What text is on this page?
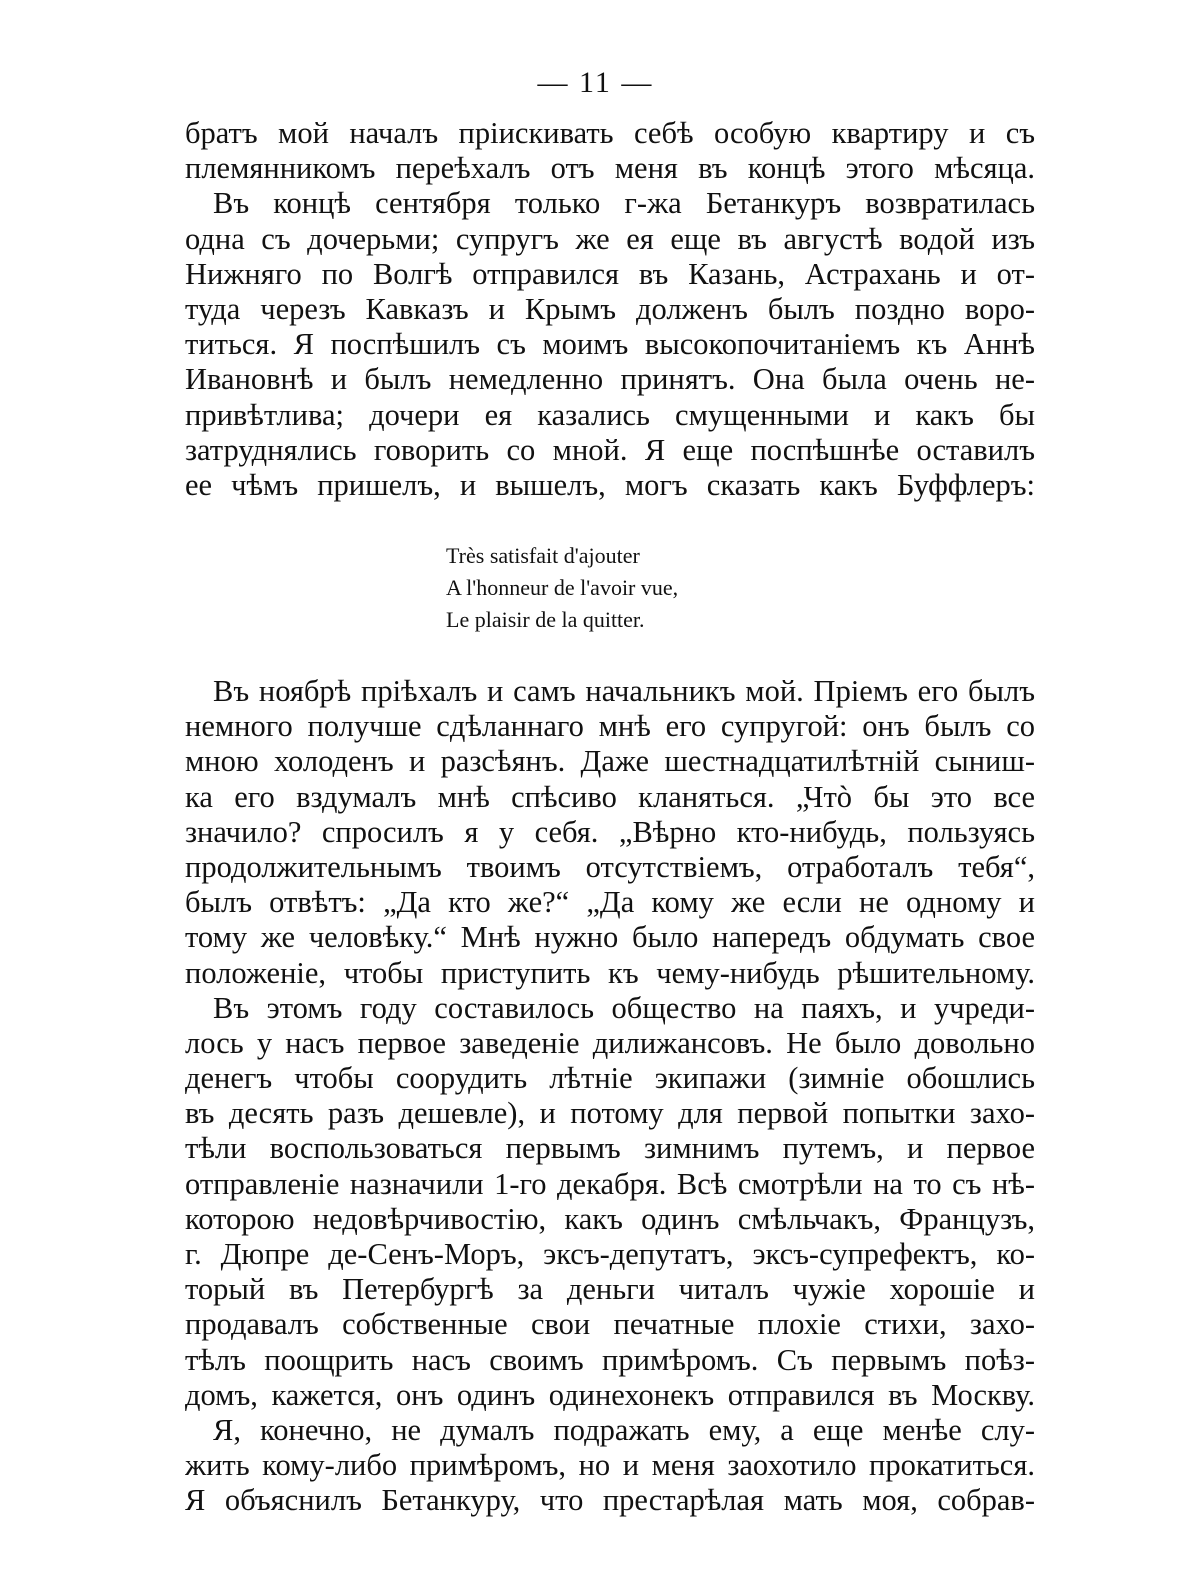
— 11 —
братъ мой началъ пріискивать себѣ особую квартиру и съ
племянникомъ переѣхалъ отъ меня въ концѣ этого мѣсяца.
Въ концѣ сентября только г-жа Бетанкуръ возвратилась
одна съ дочерьми; супругъ же ея еще въ августѣ водой изъ
Нижняго по Волгѣ отправился въ Казань, Астрахань и от-
туда черезъ Кавказъ и Крымъ долженъ былъ поздно воро-
титься. Я поспѣшилъ съ моимъ высокопочитаніемъ къ Аннѣ
Ивановнѣ и былъ немедленно принятъ. Она была очень не-
привѣтлива; дочери ея казались смущенными и какъ бы
затруднялись говорить со мной. Я еще поспѣшнѣе оставилъ
ее чѣмъ пришелъ, и вышелъ, могъ сказать какъ Буффлеръ:
Très satisfait d'ajouter
A l'honneur de l'avoir vue,
Le plaisir de la quitter.
Въ ноябрѣ пріѣхалъ и самъ начальникъ мой. Пріемъ его былъ
немного получше сдѣланнаго мнѣ его супругой: онъ былъ со
мною холоденъ и разсѣянъ. Даже шестнадцатилѣтній сыниш-
ка его вздумалъ мнѣ спѣсиво кланяться. „Чтò бы это все
значило? спросилъ я у себя. „Вѣрно кто-нибудь, пользуясь
продолжительнымъ твоимъ отсутствіемъ, отработалъ тебя“,
былъ отвѣтъ: „Да кто же?“ „Да кому же если не одному и
тому же человѣку.“ Мнѣ нужно было напередъ обдумать свое
положеніе, чтобы приступить къ чему-нибудь рѣшительному.
Въ этомъ году составилось общество на паяхъ, и учреди-
лось у насъ первое заведеніе дилижансовъ. Не было довольно
денегъ чтобы соорудить лѣтніе экипажи (зимніе обошлись
въ десять разъ дешевле), и потому для первой попытки захо-
тѣли воспользоваться первымъ зимнимъ путемъ, и первое
отправленіе назначили 1-го декабря. Всѣ смотрѣли на то съ нѣ-
которою недовѣрчивостію, какъ одинъ смѣльчакъ, Французъ,
г. Дюпре де-Сенъ-Моръ, эксъ-депутатъ, эксъ-супрефектъ, ко-
торый въ Петербургѣ за деньги читалъ чужіе хорошіе и
продавалъ собственные свои печатные плохіе стихи, захо-
тѣлъ поощрить насъ своимъ примѣромъ. Съ первымъ поѣз-
домъ, кажется, онъ одинъ одинехонекъ отправился въ Москву.
Я, конечно, не думалъ подражать ему, а еще менѣе слу-
жить кому-либо примѣромъ, но и меня заохотило прокатиться.
Я объяснилъ Бетанкуру, что престарѣлая мать моя, собрав-
